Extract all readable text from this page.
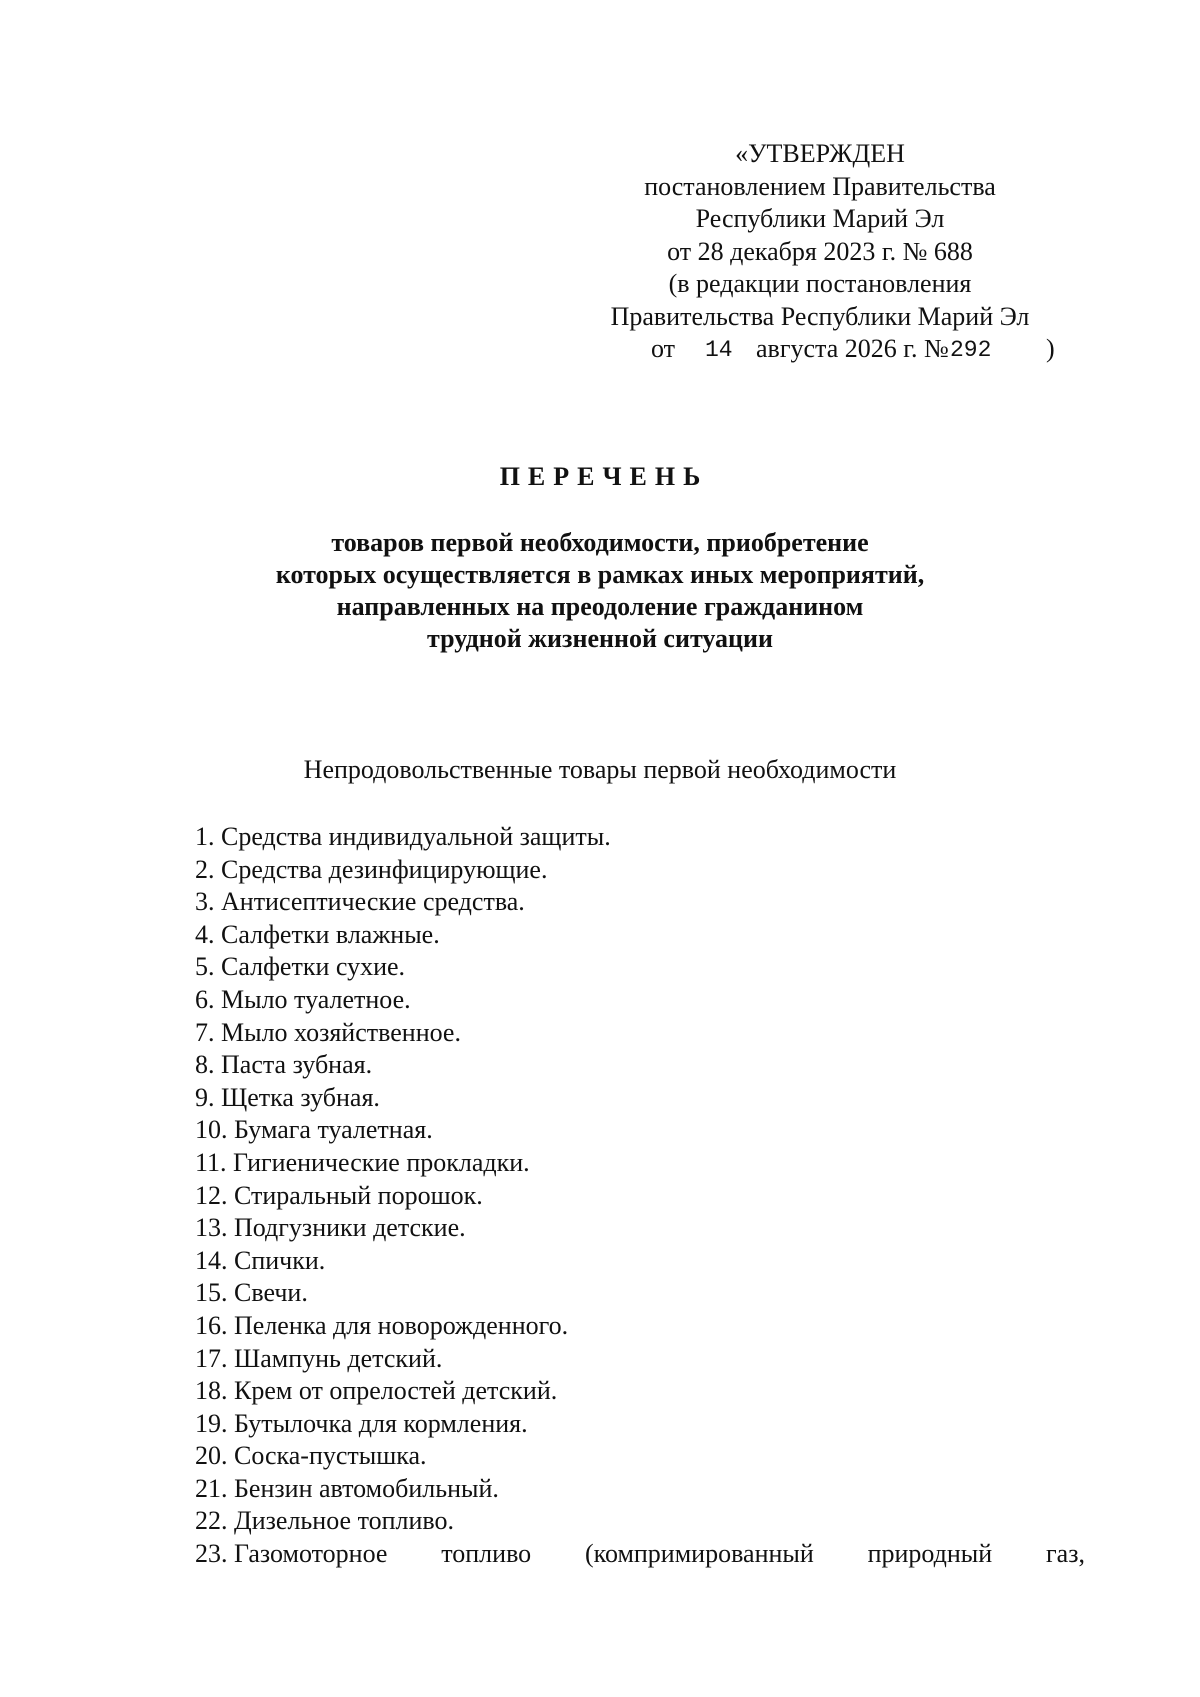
«УТВЕРЖДЕН
постановлением Правительства
Республики Марий Эл
от 28 декабря 2023 г. № 688
(в редакции постановления
Правительства Республики Марий Эл
от 14 августа 2026 г. № 292 )
ПЕРЕЧЕНЬ
товаров первой необходимости, приобретение
которых осуществляется в рамках иных мероприятий,
направленных на преодоление гражданином
трудной жизненной ситуации
Непродовольственные товары первой необходимости
1. Средства индивидуальной защиты.
2. Средства дезинфицирующие.
3. Антисептические средства.
4. Салфетки влажные.
5. Салфетки сухие.
6. Мыло туалетное.
7. Мыло хозяйственное.
8. Паста зубная.
9. Щетка зубная.
10. Бумага туалетная.
11. Гигиенические прокладки.
12. Стиральный порошок.
13. Подгузники детские.
14. Спички.
15. Свечи.
16. Пеленка для новорожденного.
17. Шампунь детский.
18. Крем от опрелостей детский.
19. Бутылочка для кормления.
20. Соска-пустышка.
21. Бензин автомобильный.
22. Дизельное топливо.
23. Газомоторное топливо (компримированный природный газ,
